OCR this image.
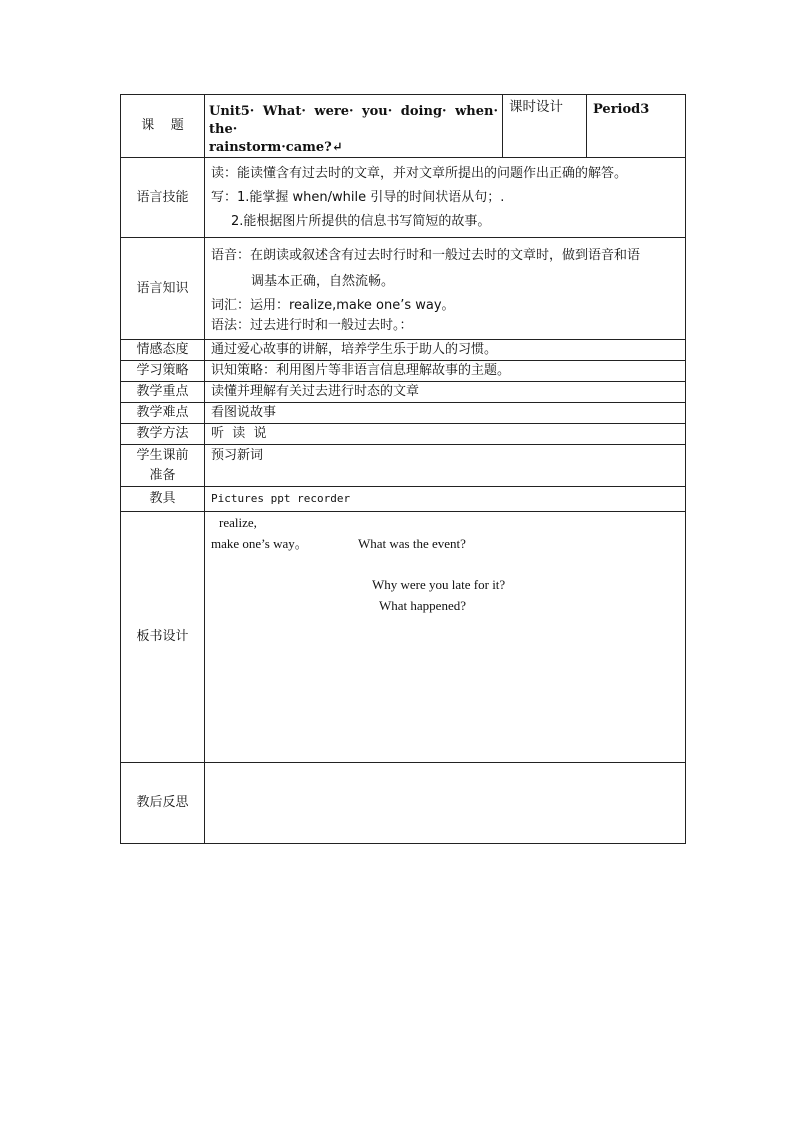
课    题	Unit5· What· were· you· doing· when· the·
rainstorm·came?↵	课时设计	Period3
语言技能	读：能读懂含有过去时的文章，并对文章所提出的问题作出正确的解答。
写：1.能掌握 when/while 引导的时间状语从句；.
2.能根据图片所提供的信息书写简短的故事。		

语言知识	语音：在朗读或叙述含有过去时行时和一般过去时的文章时，做到语音和语
调基本正确，自然流畅。
词汇：运用：realize,make one’s way。
语法：过去进行时和一般过去时。：		

情感态度	通过爱心故事的讲解，培养学生乐于助人的习惯。		
学习策略	识知策略：利用图片等非语言信息理解故事的主题。		
教学重点	读懂并理解有关过去进行时态的文章		
教学难点	看图说故事		
教学方法	听  读  说		

学生课前
准备	预习新词		
教具	Pictures ppt recorder		
板书设计	realize,
make one’s way。 What was the event?
Why were you late for it?
What happened?		

教后反思			
